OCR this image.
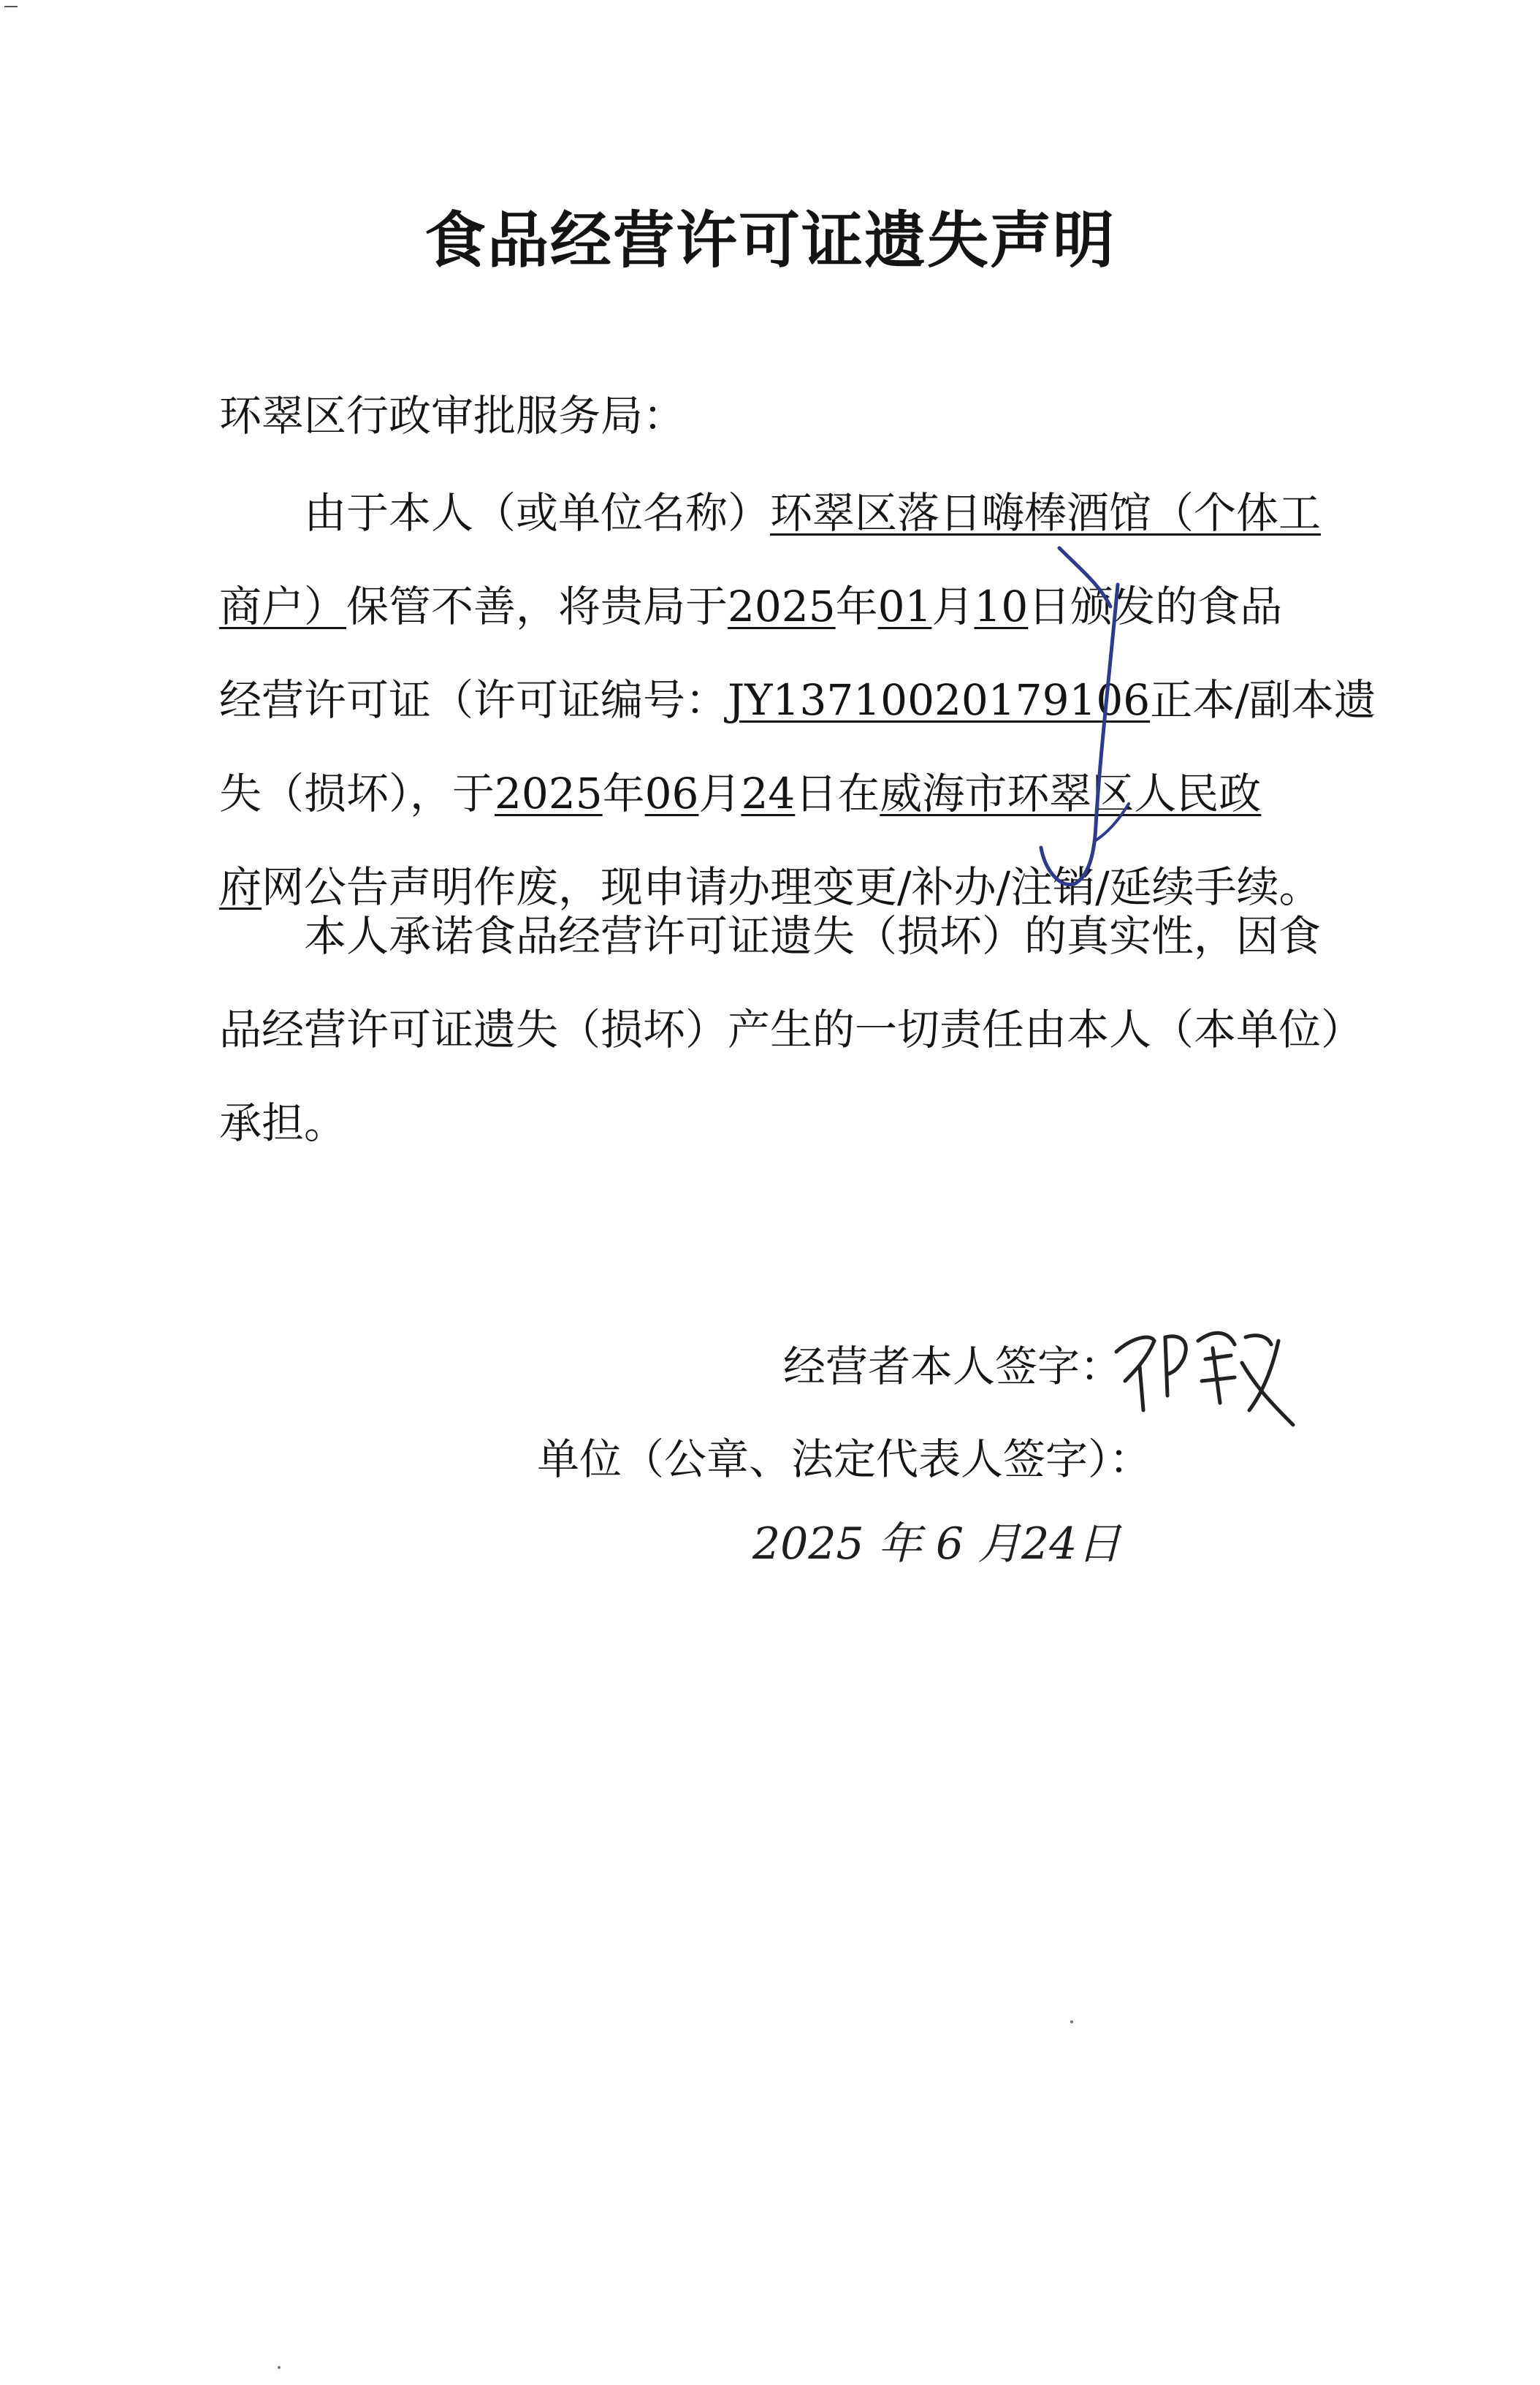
食品经营许可证遗失声明
环翠区行政审批服务局：
由于本人（或单位名称）环翠区落日嗨棒酒馆（个体工
商户）保管不善，将贵局于2025年01月10日颁发的食品
经营许可证（许可证编号：JY13710020179106正本/副本遗
失（损坏），于2025年06月24日在威海市环翠区人民政
府网公告声明作废，现申请办理变更/补办/注销/延续手续。
本人承诺食品经营许可证遗失（损坏）的真实性，因食
品经营许可证遗失（损坏）产生的一切责任由本人（本单位）
承担。
经营者本人签字：
单位（公章、法定代表人签字）：
2025 年 6 月24日
